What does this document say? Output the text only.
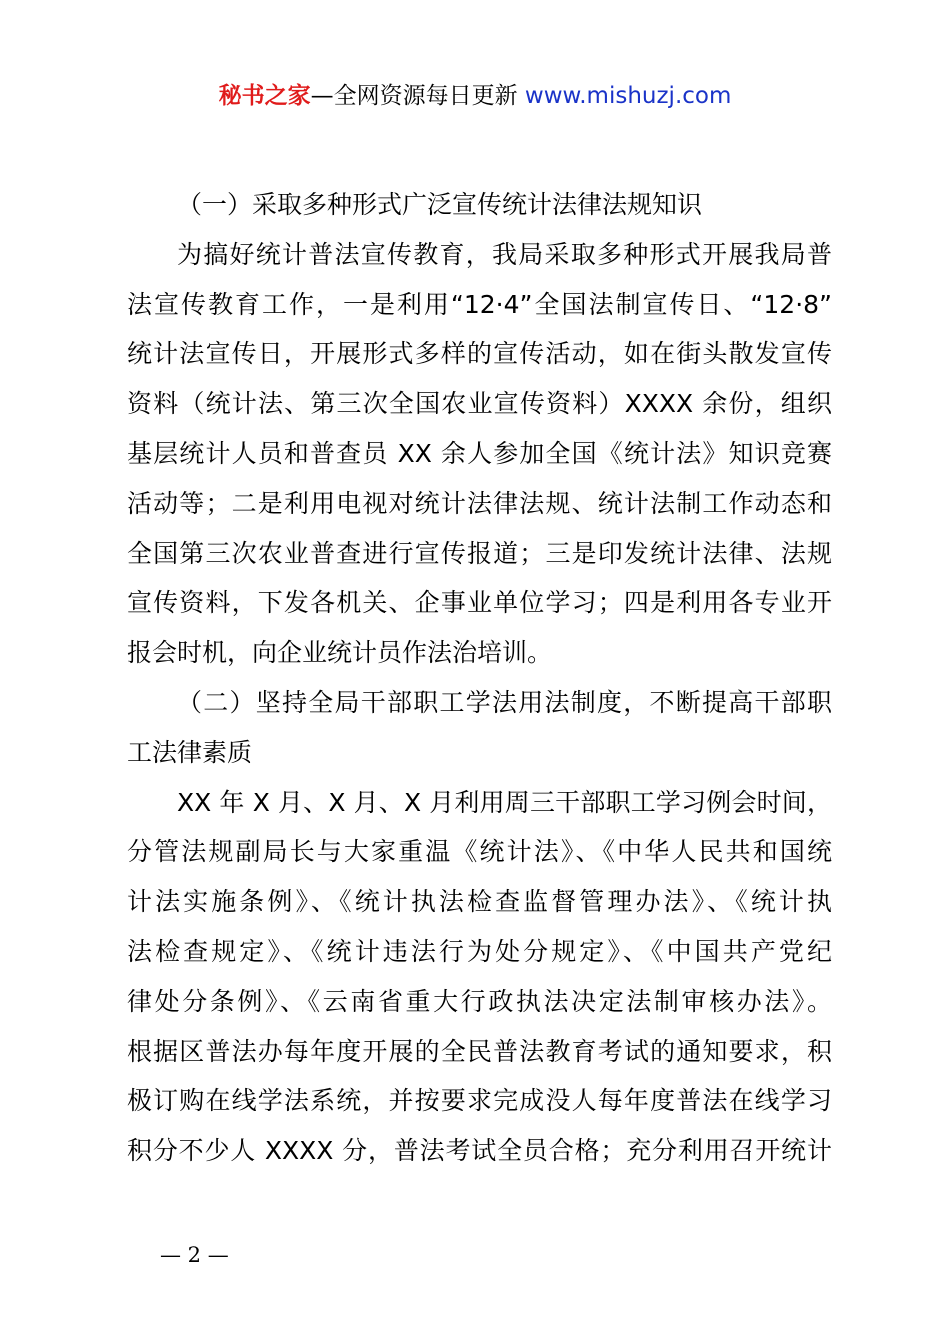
秘书之家—全网资源每日更新 www.mishuzj.com
（一）采取多种形式广泛宣传统计法律法规知识
为搞好统计普法宣传教育，我局采取多种形式开展我局普
法宣传教育工作，一是利用“12·4”全国法制宣传日、“12·8”
统计法宣传日，开展形式多样的宣传活动，如在街头散发宣传
资料（统计法、第三次全国农业宣传资料）XXXX 余份，组织
基层统计人员和普查员 XX 余人参加全国《统计法》知识竞赛
活动等；二是利用电视对统计法律法规、统计法制工作动态和
全国第三次农业普查进行宣传报道；三是印发统计法律、法规
宣传资料，下发各机关、企事业单位学习；四是利用各专业开
报会时机，向企业统计员作法治培训。
（二）坚持全局干部职工学法用法制度，不断提高干部职
工法律素质
XX 年 X 月、X 月、X 月利用周三干部职工学习例会时间，
分管法规副局长与大家重温《统计法》、《中华人民共和国统
计法实施条例》、《统计执法检查监督管理办法》、《统计执
法检查规定》、《统计违法行为处分规定》、《中国共产党纪
律处分条例》、《云南省重大行政执法决定法制审核办法》。
根据区普法办每年度开展的全民普法教育考试的通知要求，积
极订购在线学法系统，并按要求完成没人每年度普法在线学习
积分不少人 XXXX 分，普法考试全员合格；充分利用召开统计
— 2 —
